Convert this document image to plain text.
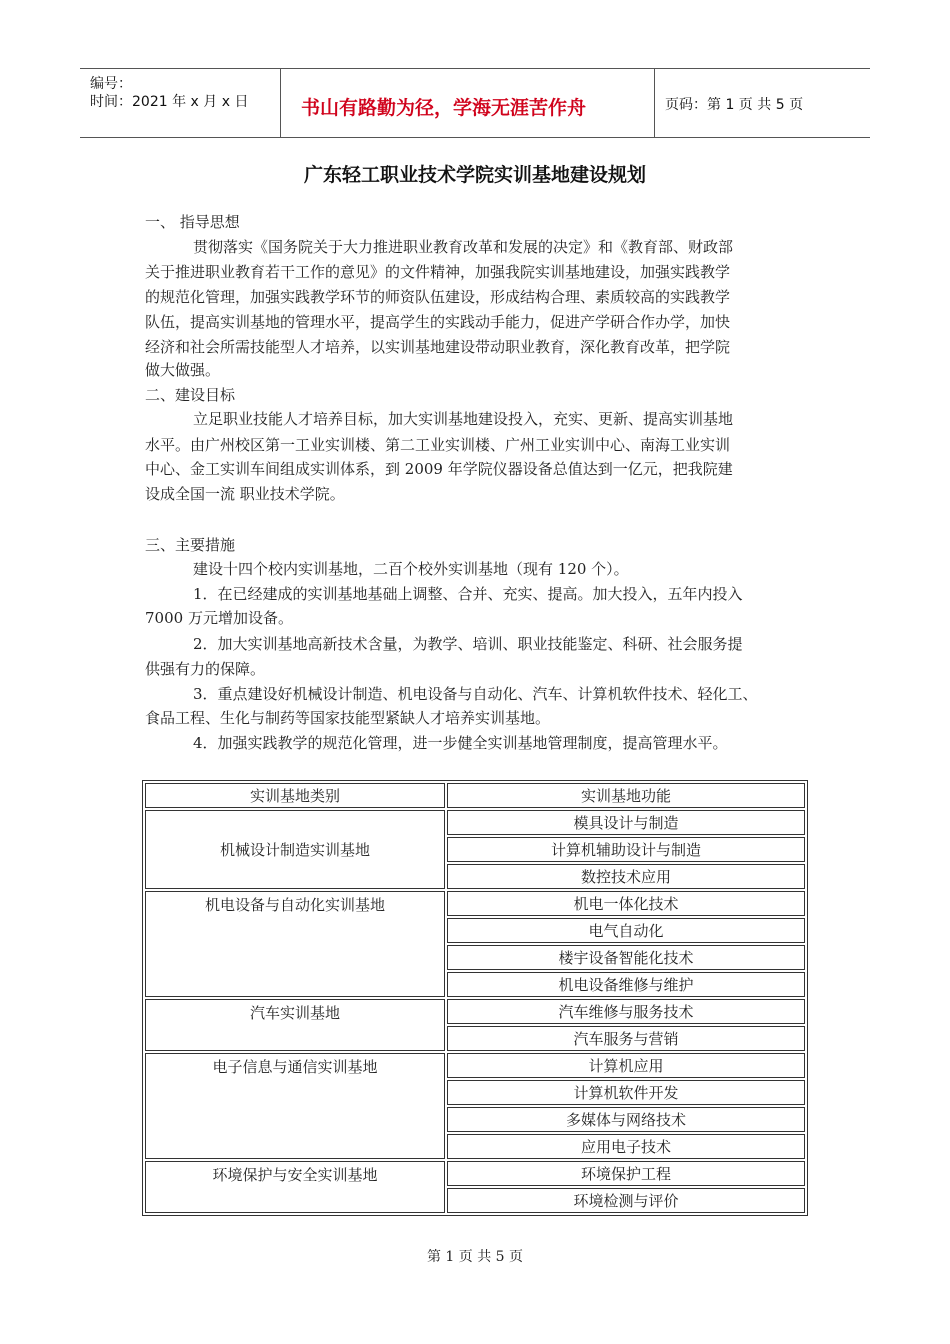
编号：
时间：2021 年 x 月 x 日	书山有路勤为径，学海无涯苦作舟	页码：第 1 页 共 5 页
广东轻工职业技术学院实训基地建设规划
一、 指导思想
贯彻落实《国务院关于大力推进职业教育改革和发展的决定》和《教育部、财政部
关于推进职业教育若干工作的意见》的文件精神，加强我院实训基地建设，加强实践教学
的规范化管理，加强实践教学环节的师资队伍建设，形成结构合理、素质较高的实践教学
队伍，提高实训基地的管理水平，提高学生的实践动手能力，促进产学研合作办学，加快
经济和社会所需技能型人才培养，以实训基地建设带动职业教育，深化教育改革，把学院
做大做强。
二、建设目标
立足职业技能人才培养目标，加大实训基地建设投入，充实、更新、提高实训基地
水平。由广州校区第一工业实训楼、第二工业实训楼、广州工业实训中心、南海工业实训
中心、金工实训车间组成实训体系，到 2009 年学院仪器设备总值达到一亿元，把我院建
设成全国一流 职业技术学院。
三、主要措施
建设十四个校内实训基地，二百个校外实训基地（现有 120 个）。
1．在已经建成的实训基地基础上调整、合并、充实、提高。加大投入，五年内投入
7000 万元增加设备。
2．加大实训基地高新技术含量，为教学、培训、职业技能鉴定、科研、社会服务提
供强有力的保障。
3．重点建设好机械设计制造、机电设备与自动化、汽车、计算机软件技术、轻化工、
食品工程、生化与制药等国家技能型紧缺人才培养实训基地。
4．加强实践教学的规范化管理，进一步健全实训基地管理制度，提高管理水平。
实训基地类别	实训基地功能
机械设计制造实训基地	模具设计与制造
	计算机辅助设计与制造
	数控技术应用
机电设备与自动化实训基地	机电一体化技术
	电气自动化
	楼宇设备智能化技术
	机电设备维修与维护
汽车实训基地	汽车维修与服务技术
	汽车服务与营销
电子信息与通信实训基地	计算机应用
	计算机软件开发
	多媒体与网络技术
	应用电子技术
环境保护与安全实训基地	环境保护工程
	环境检测与评价
第 1 页 共 5 页
